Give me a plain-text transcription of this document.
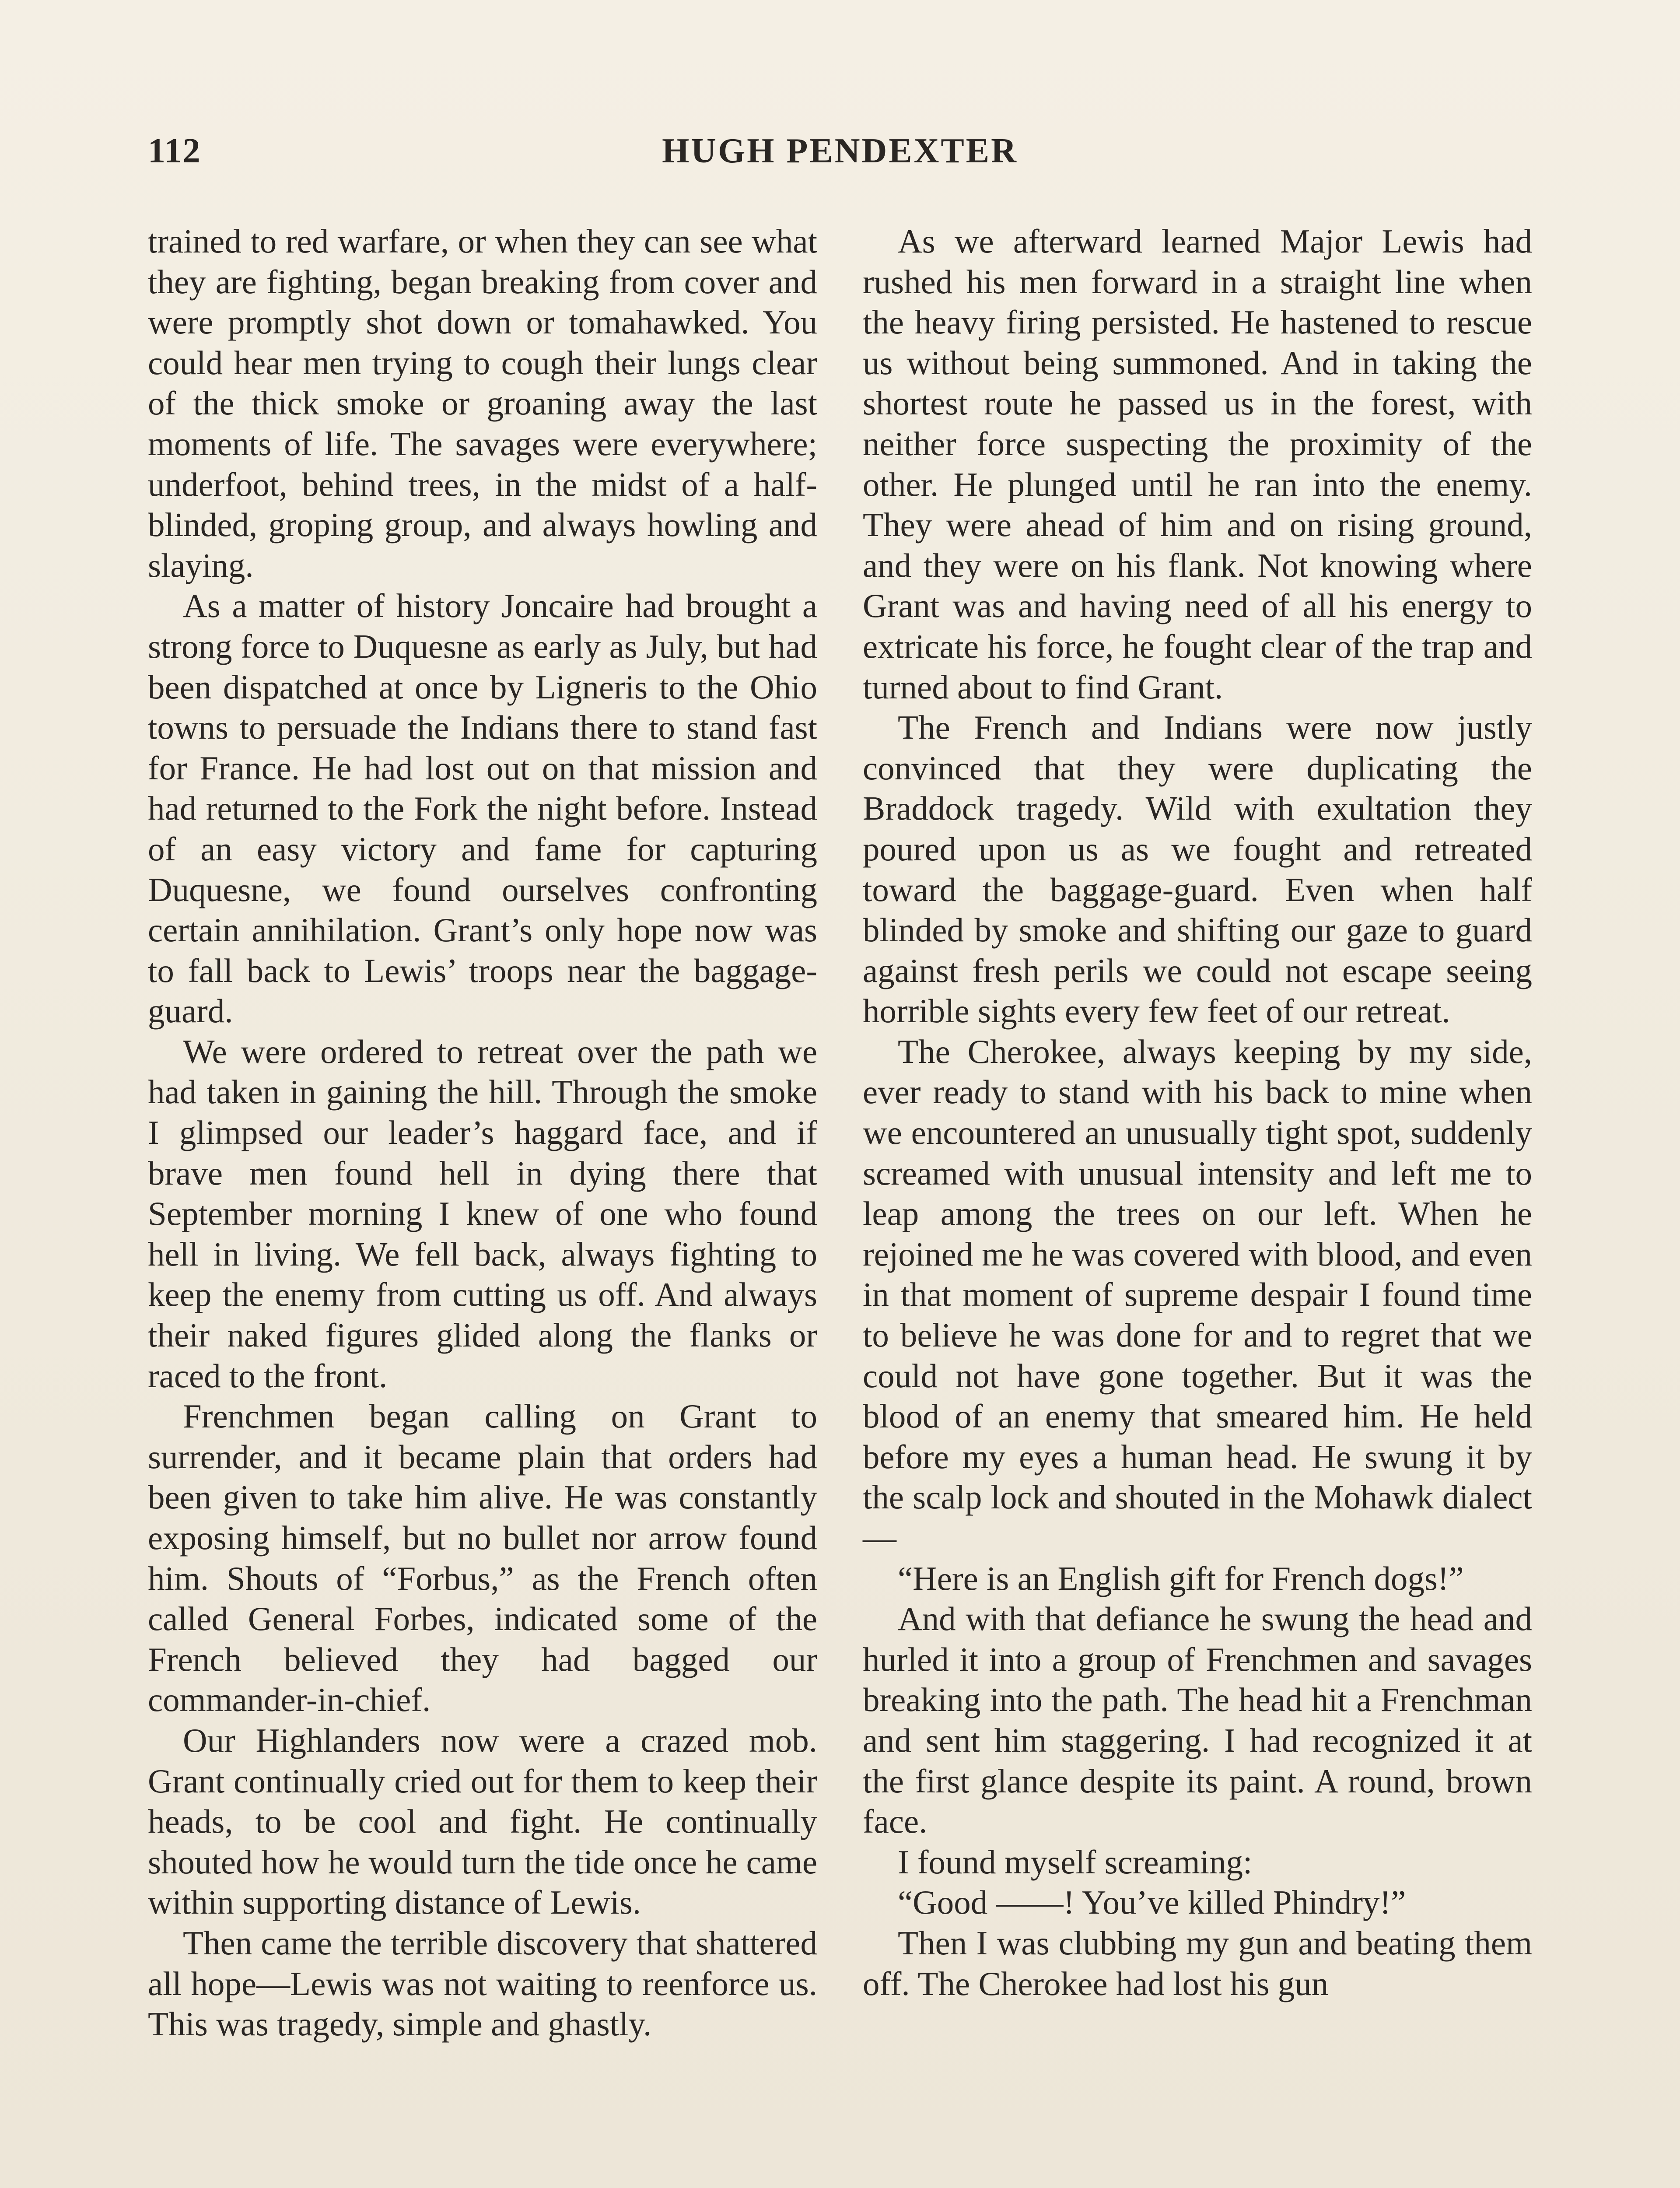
112	HUGH PENDEXTER

trained to red warfare, or when they can see what they are fighting, began breaking from cover and were promptly shot down or tomahawked. You could hear men trying to cough their lungs clear of the thick smoke or groaning away the last moments of life. The savages were everywhere; underfoot, behind trees, in the midst of a half-blinded, groping group, and always howling and slaying.

As a matter of history Joncaire had brought a strong force to Duquesne as early as July, but had been dispatched at once by Ligneris to the Ohio towns to persuade the Indians there to stand fast for France. He had lost out on that mission and had returned to the Fork the night before. Instead of an easy victory and fame for capturing Duquesne, we found ourselves confronting certain annihilation. Grant’s only hope now was to fall back to Lewis’ troops near the baggage-guard.

We were ordered to retreat over the path we had taken in gaining the hill. Through the smoke I glimpsed our leader’s haggard face, and if brave men found hell in dying there that September morning I knew of one who found hell in living. We fell back, always fighting to keep the enemy from cutting us off. And always their naked figures glided along the flanks or raced to the front.

Frenchmen began calling on Grant to surrender, and it became plain that orders had been given to take him alive. He was constantly exposing himself, but no bullet nor arrow found him. Shouts of “Forbus,” as the French often called General Forbes, indicated some of the French believed they had bagged our commander-in-chief.

Our Highlanders now were a crazed mob. Grant continually cried out for them to keep their heads, to be cool and fight. He continually shouted how he would turn the tide once he came within supporting distance of Lewis.

Then came the terrible discovery that shattered all hope—Lewis was not waiting to reenforce us. This was tragedy, simple and ghastly.

As we afterward learned Major Lewis had rushed his men forward in a straight line when the heavy firing persisted. He hastened to rescue us without being summoned. And in taking the shortest route he passed us in the forest, with neither force suspecting the proximity of the other. He plunged until he ran into the enemy. They were ahead of him and on rising ground, and they were on his flank. Not knowing where Grant was and having need of all his energy to extricate his force, he fought clear of the trap and turned about to find Grant.

The French and Indians were now justly convinced that they were duplicating the Braddock tragedy. Wild with exultation they poured upon us as we fought and retreated toward the baggage-guard. Even when half blinded by smoke and shifting our gaze to guard against fresh perils we could not escape seeing horrible sights every few feet of our retreat.

The Cherokee, always keeping by my side, ever ready to stand with his back to mine when we encountered an unusually tight spot, suddenly screamed with unusual intensity and left me to leap among the trees on our left. When he rejoined me he was covered with blood, and even in that moment of supreme despair I found time to believe he was done for and to regret that we could not have gone together. But it was the blood of an enemy that smeared him. He held before my eyes a human head. He swung it by the scalp lock and shouted in the Mohawk dialect—

“Here is an English gift for French dogs!”

And with that defiance he swung the head and hurled it into a group of Frenchmen and savages breaking into the path. The head hit a Frenchman and sent him staggering. I had recognized it at the first glance despite its paint. A round, brown face.

I found myself screaming:

“Good ——! You’ve killed Phindry!”

Then I was clubbing my gun and beating them off. The Cherokee had lost his gun
